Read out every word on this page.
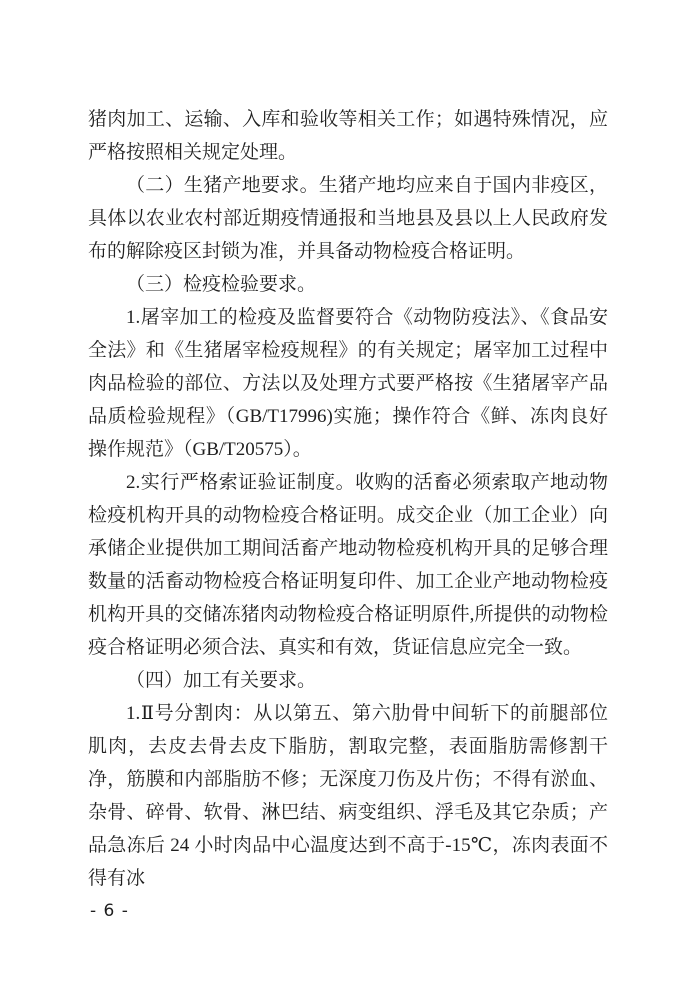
猪肉加工、运输、入库和验收等相关工作；如遇特殊情况，应严格按照相关规定处理。

（二）生猪产地要求。生猪产地均应来自于国内非疫区，具体以农业农村部近期疫情通报和当地县及县以上人民政府发布的解除疫区封锁为准，并具备动物检疫合格证明。

（三）检疫检验要求。

1.屠宰加工的检疫及监督要符合《动物防疫法》、《食品安全法》和《生猪屠宰检疫规程》的有关规定；屠宰加工过程中肉品检验的部位、方法以及处理方式要严格按《生猪屠宰产品品质检验规程》（GB/T17996)实施；操作符合《鲜、冻肉良好操作规范》（GB/T20575）。

2.实行严格索证验证制度。收购的活畜必须索取产地动物检疫机构开具的动物检疫合格证明。成交企业（加工企业）向承储企业提供加工期间活畜产地动物检疫机构开具的足够合理数量的活畜动物检疫合格证明复印件、加工企业产地动物检疫机构开具的交储冻猪肉动物检疫合格证明原件,所提供的动物检疫合格证明必须合法、真实和有效，货证信息应完全一致。

（四）加工有关要求。

1.Ⅱ号分割肉：从以第五、第六肋骨中间斩下的前腿部位肌肉，去皮去骨去皮下脂肪，割取完整，表面脂肪需修割干净，筋膜和内部脂肪不修；无深度刀伤及片伤；不得有淤血、杂骨、碎骨、软骨、淋巴结、病变组织、浮毛及其它杂质；产品急冻后 24 小时肉品中心温度达到不高于-15℃，冻肉表面不得有冰

- 6 -
